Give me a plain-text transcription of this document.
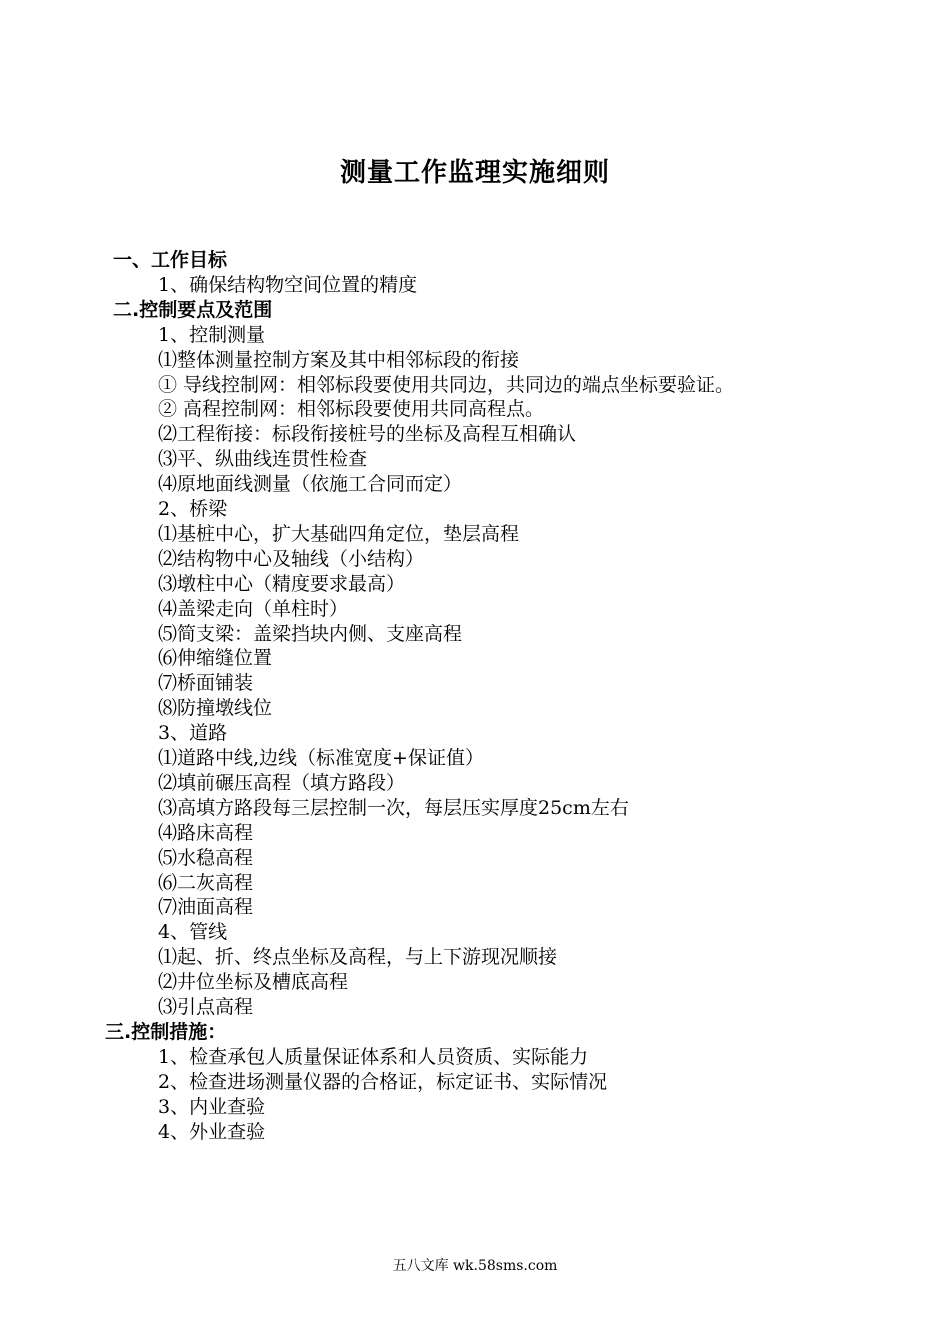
测量工作监理实施细则
一、工作目标
1、确保结构物空间位置的精度
二.控制要点及范围
1、控制测量
⑴整体测量控制方案及其中相邻标段的衔接
① 导线控制网：相邻标段要使用共同边，共同边的端点坐标要验证。
② 高程控制网：相邻标段要使用共同高程点。
⑵工程衔接：标段衔接桩号的坐标及高程互相确认
⑶平、纵曲线连贯性检查
⑷原地面线测量（依施工合同而定）
2、桥梁
⑴基桩中心，扩大基础四角定位，垫层高程
⑵结构物中心及轴线（小结构）
⑶墩柱中心（精度要求最高）
⑷盖梁走向（单柱时）
⑸简支梁：盖梁挡块内侧、支座高程
⑹伸缩缝位置
⑺桥面铺装
⑻防撞墩线位
3、道路
⑴道路中线,边线（标准宽度+保证值）
⑵填前碾压高程（填方路段）
⑶高填方路段每三层控制一次，每层压实厚度25cm左右
⑷路床高程
⑸水稳高程
⑹二灰高程
⑺油面高程
4、管线
⑴起、折、终点坐标及高程，与上下游现况顺接
⑵井位坐标及槽底高程
⑶引点高程
三.控制措施：
1、检查承包人质量保证体系和人员资质、实际能力
2、检查进场测量仪器的合格证，标定证书、实际情况
3、内业查验
4、外业查验
五八文库 wk.58sms.com
